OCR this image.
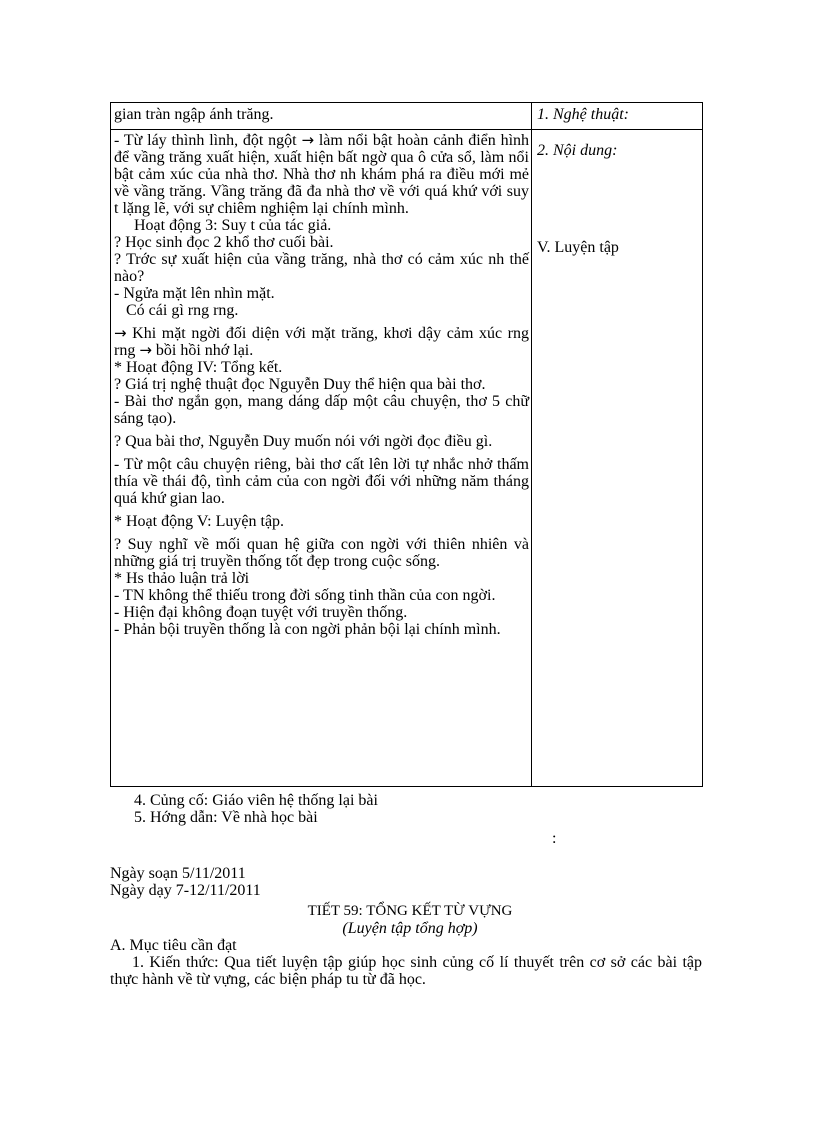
gian tràn ngập ánh trăng.

- Từ láy thình lình, đột ngột → làm nổi bật hoàn cảnh điển hình để vầng trăng xuất hiện, xuất hiện bất ngờ qua ô cửa sổ, làm nổi bật cảm xúc của nhà thơ. Nhà thơ nh khám phá ra điều mới mẻ về vầng trăng. Vầng trăng đã đa nhà thơ về với quá khứ với suy t lặng lẽ, với sự chiêm nghiệm lại chính mình.

Hoạt động 3: Suy t của tác giả.

? Học sinh đọc 2 khổ thơ cuối bài.

? Trớc sự xuất hiện của vầng trăng, nhà thơ có cảm xúc nh thế nào?

- Ngửa mặt lên nhìn mặt.

Có cái gì rng rng.

→ Khi mặt ngời đối diện với mặt trăng, khơi dậy cảm xúc rng rng → bồi hồi nhớ lại.

* Hoạt động IV: Tổng kết.

? Giá trị nghệ thuật đọc Nguyễn Duy thể hiện qua bài thơ.

- Bài thơ ngắn gọn, mang dáng dấp một câu chuyện, thơ 5 chữ sáng tạo).

? Qua bài thơ, Nguyễn Duy muốn nói với ngời đọc điều gì.

- Từ một câu chuyện riêng, bài thơ cất lên lời tự nhắc nhở thấm thía về thái độ, tình cảm của con ngời đối với những năm tháng quá khứ gian lao.

* Hoạt động V: Luyện tập.

? Suy nghĩ về mối quan hệ giữa con ngời với thiên nhiên và những giá trị truyền thống tốt đẹp trong cuộc sống.

* Hs thảo luận trả lời

- TN không thể thiếu trong đời sống tinh thần của con ngời.

- Hiện đại không đoạn tuyệt với truyền thống.

- Phản bội truyền thống là con ngời phản bội lại chính mình.

1. Nghệ thuật:

2. Nội dung:

V. Luyện tập

4. Củng cố: Giáo viên hệ thống lại bài

5. Hớng dẫn: Về nhà học bài

:

Ngày soạn 5/11/2011

Ngày dạy 7-12/11/2011

TIẾT 59: TỔNG KẾT TỪ VỰNG

(Luyện tập tổng hợp)

A. Mục tiêu cần đạt

1. Kiến thức: Qua tiết luyện tập giúp học sinh củng cố lí thuyết trên cơ sở các bài tập thực hành về từ vựng, các biện pháp tu từ đã học.
